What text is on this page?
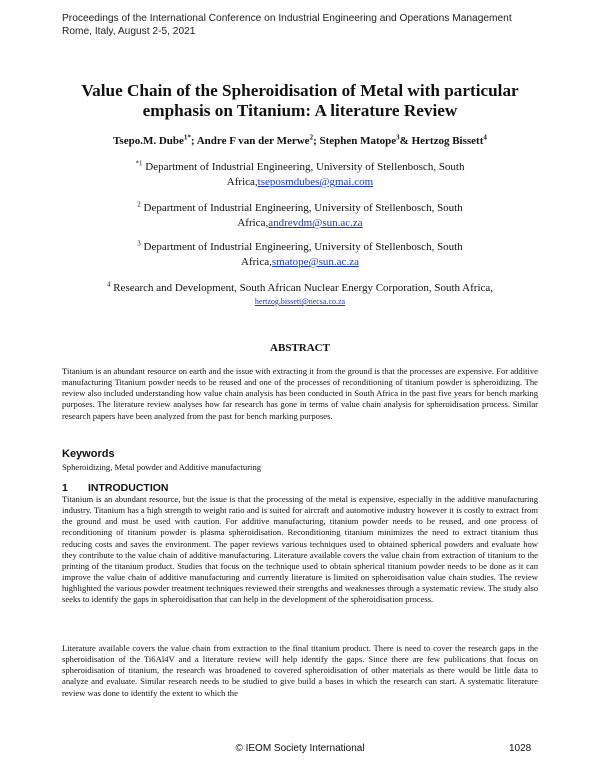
Proceedings of the International Conference on Industrial Engineering and Operations Management
Rome, Italy, August 2-5, 2021
Value Chain of the Spheroidisation of Metal with particular
emphasis on Titanium: A literature Review
Tsepo.M. Dube$^{1*}$; Andre F van der Merwe$^2$; Stephen Matope$^3$& Hertzog Bissett$^4$
$^{*1}$ Department of Industrial Engineering, University of Stellenbosch, South
Africa,tseposmdubes@gmai.com
$^2$ Department of Industrial Engineering, University of Stellenbosch, South
Africa,andrevdm@sun.ac.za
$^3$ Department of Industrial Engineering, University of Stellenbosch, South
Africa,smatope@sun.ac.za
$^4$ Research and Development, South African Nuclear Energy Corporation, South Africa,
hertzog.bissett@necsa.co.za
ABSTRACT

Titanium is an abundant resource on earth and the issue with extracting it from the ground is that the processes are expensive. For additive manufacturing Titanium powder needs to be reused and one of the processes of reconditioning of titanium powder is spheroidizing. The review also included understanding how value chain analysis has been conducted in South Africa in the past five years for bench marking purposes. The literature review analyses how far research has gone in terms of value chain analysis for spheroidisation process. Similar research papers have been analyzed from the past for bench marking purposes.

Keywords
Spheroidizing, Metal powder and Additive manufacturing
1 INTRODUCTION

Titanium is an abundant resource, but the issue is that the processing of the metal is expensive, especially in the additive manufacturing industry. Titanium has a high strength to weight ratio and is suited for aircraft and automotive industry however it is costly to extract from the ground and must be used with caution. For additive manufacturing, titanium powder needs to be reused, and one process of reconditioning of titanium powder is plasma spheroidisation. Reconditioning titanium minimizes the need to extract titanium thus reducing costs and saves the environment. The paper reviews various techniques used to obtained spherical powders and evaluate how they contribute to the value chain of additive manufacturing. Literature available covers the value chain from extraction of titanium to the printing of the titanium product. Studies that focus on the technique used to obtain spherical titanium powder needs to be done as it can improve the value chain of additive manufacturing and currently literature is limited on spheroidisation value chain studies. The review highlighted the various powder treatment techniques reviewed their strengths and weaknesses through a systematic review. The study also seeks to identify the gaps in spheroidisation that can help in the development of the spheroidisation process.

Literature available covers the value chain from extraction to the final titanium product. There is need to cover the research gaps in the spheroidisation of the Ti6Al4V and a literature review will help identify the gaps. Since there are few publications that focus on spheroidisation of titanium, the research was broadened to covered spheroidisation of other materials as there would be little data to analyze and evaluate. Similar research needs to be studied to give build a bases in which the research can start. A systematic literature review was done to identify the extent to which the

© IEOM Society International	1028
